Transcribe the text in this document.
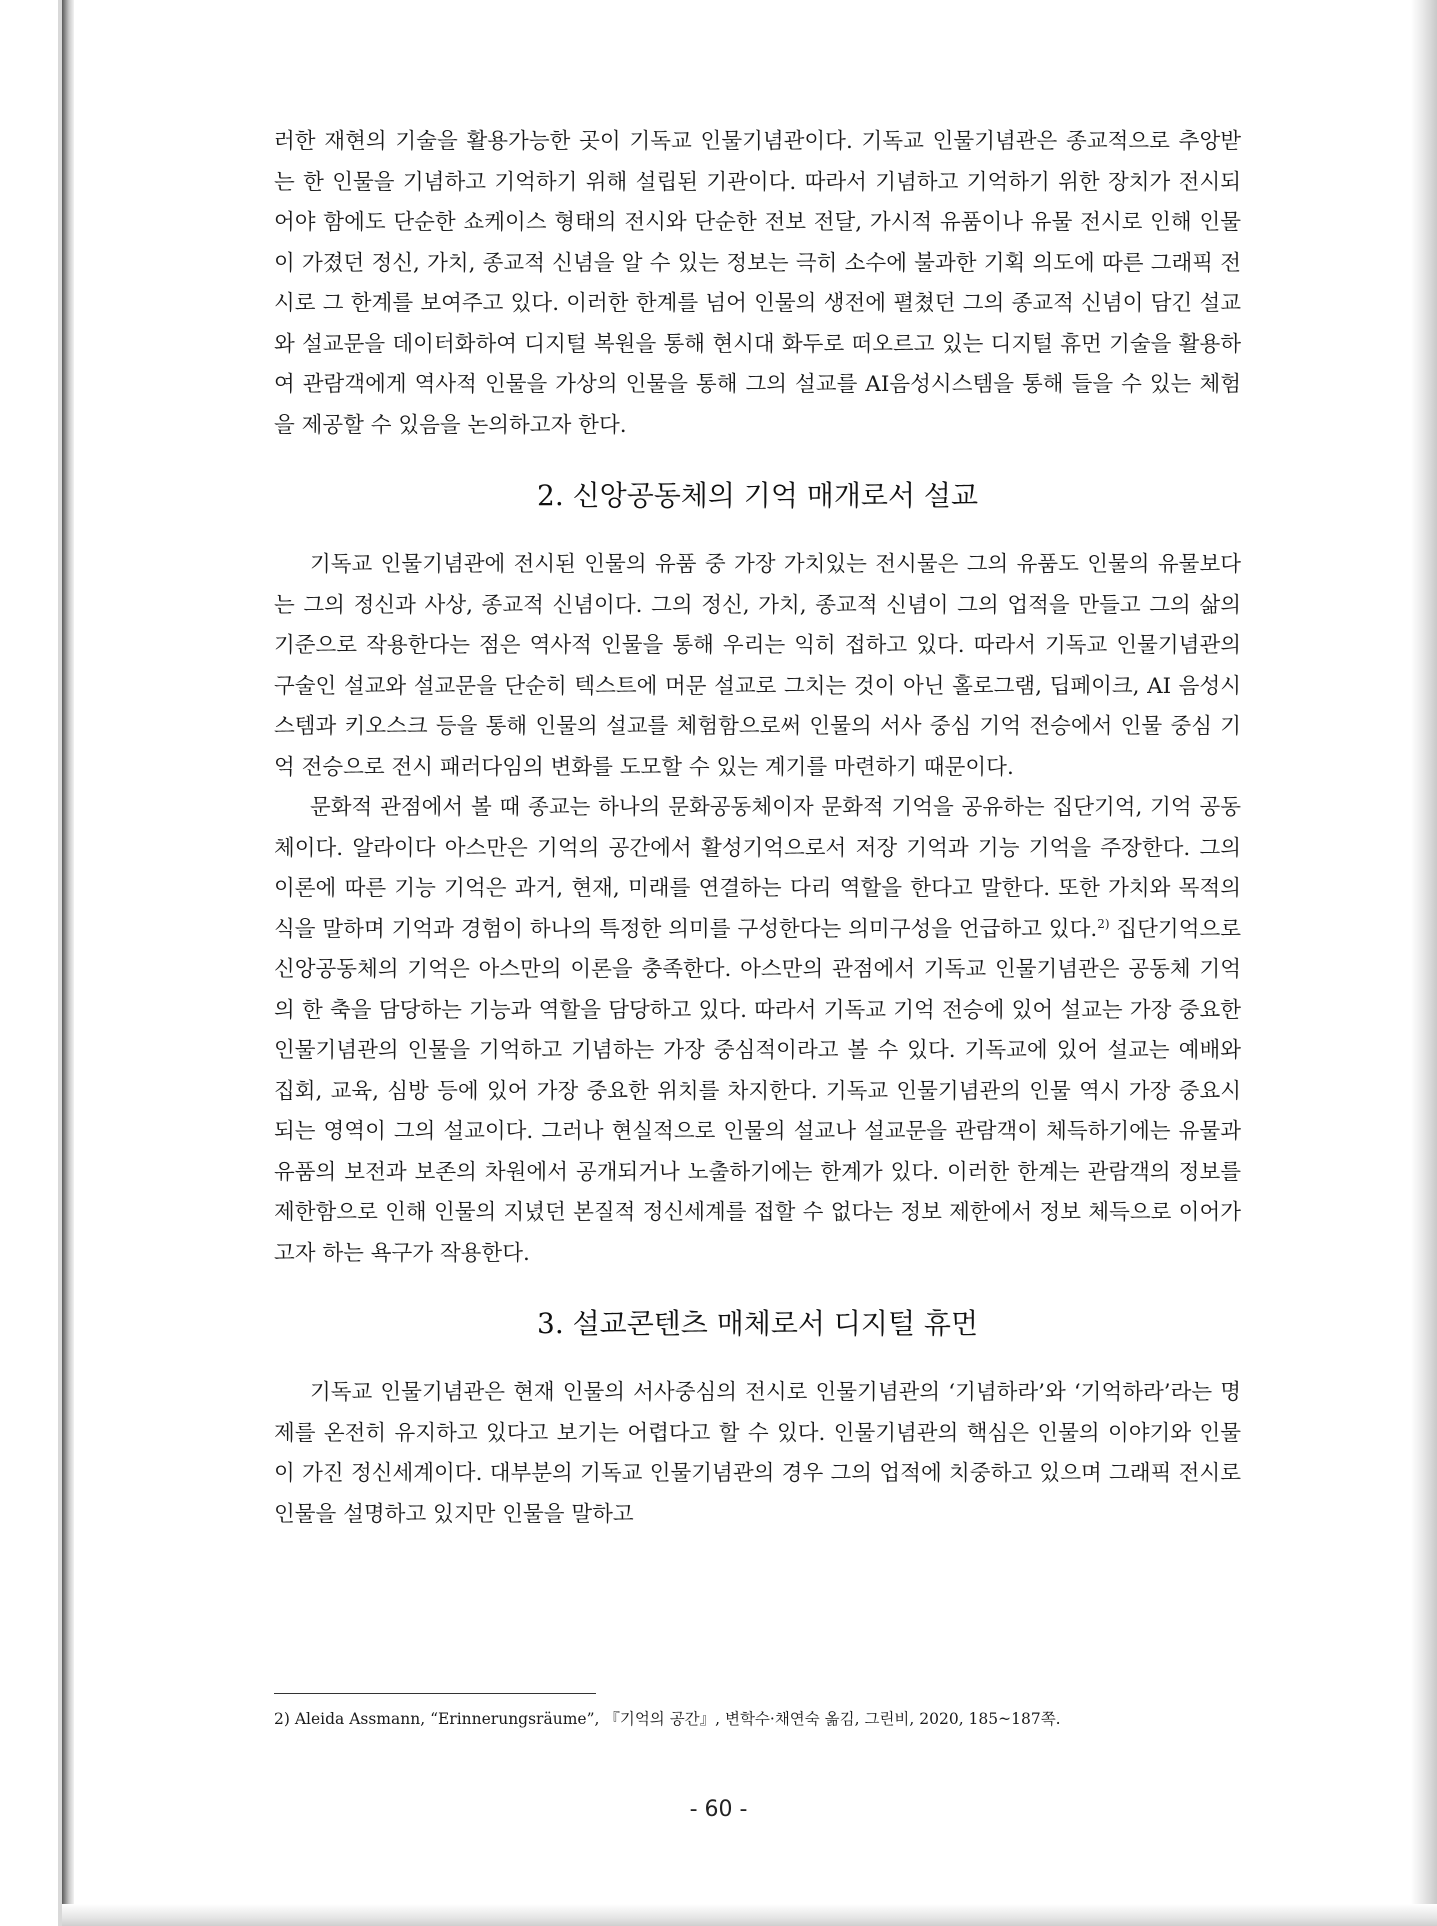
러한 재현의 기술을 활용가능한 곳이 기독교 인물기념관이다. 기독교 인물기념관은 종교적으로 추앙받는 한 인물을 기념하고 기억하기 위해 설립된 기관이다. 따라서 기념하고 기억하기 위한 장치가 전시되어야 함에도 단순한 쇼케이스 형태의 전시와 단순한 전보 전달, 가시적 유품이나 유물 전시로 인해 인물이 가졌던 정신, 가치, 종교적 신념을 알 수 있는 정보는 극히 소수에 불과한 기획 의도에 따른 그래픽 전시로 그 한계를 보여주고 있다. 이러한 한계를 넘어 인물의 생전에 펼쳤던 그의 종교적 신념이 담긴 설교와 설교문을 데이터화하여 디지털 복원을 통해 현시대 화두로 떠오르고 있는 디지털 휴먼 기술을 활용하여 관람객에게 역사적 인물을 가상의 인물을 통해 그의 설교를 AI음성시스템을 통해 들을 수 있는 체험을 제공할 수 있음을 논의하고자 한다.

2. 신앙공동체의 기억 매개로서 설교

기독교 인물기념관에 전시된 인물의 유품 중 가장 가치있는 전시물은 그의 유품도 인물의 유물보다는 그의 정신과 사상, 종교적 신념이다. 그의 정신, 가치, 종교적 신념이 그의 업적을 만들고 그의 삶의 기준으로 작용한다는 점은 역사적 인물을 통해 우리는 익히 접하고 있다. 따라서 기독교 인물기념관의 구술인 설교와 설교문을 단순히 텍스트에 머문 설교로 그치는 것이 아닌 홀로그램, 딥페이크, AI 음성시스템과 키오스크 등을 통해 인물의 설교를 체험함으로써 인물의 서사 중심 기억 전승에서 인물 중심 기억 전승으로 전시 패러다임의 변화를 도모할 수 있는 계기를 마련하기 때문이다.

문화적 관점에서 볼 때 종교는 하나의 문화공동체이자 문화적 기억을 공유하는 집단기억, 기억 공동체이다. 알라이다 아스만은 기억의 공간에서 활성기억으로서 저장 기억과 기능 기억을 주장한다. 그의 이론에 따른 기능 기억은 과거, 현재, 미래를 연결하는 다리 역할을 한다고 말한다. 또한 가치와 목적의식을 말하며 기억과 경험이 하나의 특정한 의미를 구성한다는 의미구성을 언급하고 있다.$^{2)}$ 집단기억으로 신앙공동체의 기억은 아스만의 이론을 충족한다. 아스만의 관점에서 기독교 인물기념관은 공동체 기억의 한 축을 담당하는 기능과 역할을 담당하고 있다. 따라서 기독교 기억 전승에 있어 설교는 가장 중요한 인물기념관의 인물을 기억하고 기념하는 가장 중심적이라고 볼 수 있다. 기독교에 있어 설교는 예배와 집회, 교육, 심방 등에 있어 가장 중요한 위치를 차지한다. 기독교 인물기념관의 인물 역시 가장 중요시되는 영역이 그의 설교이다. 그러나 현실적으로 인물의 설교나 설교문을 관람객이 체득하기에는 유물과 유품의 보전과 보존의 차원에서 공개되거나 노출하기에는 한계가 있다. 이러한 한계는 관람객의 정보를 제한함으로 인해 인물의 지녔던 본질적 정신세계를 접할 수 없다는 정보 제한에서 정보 체득으로 이어가고자 하는 욕구가 작용한다.

3. 설교콘텐츠 매체로서 디지털 휴먼

기독교 인물기념관은 현재 인물의 서사중심의 전시로 인물기념관의 ‘기념하라’와 ‘기억하라’라는 명제를 온전히 유지하고 있다고 보기는 어렵다고 할 수 있다. 인물기념관의 핵심은 인물의 이야기와 인물이 가진 정신세계이다. 대부분의 기독교 인물기념관의 경우 그의 업적에 치중하고 있으며 그래픽 전시로 인물을 설명하고 있지만 인물을 말하고

2) Aleida Assmann, “Erinnerungsräume”, 『기억의 공간』, 변학수·채연숙 옮김, 그린비, 2020, 185~187쪽.
- 60 -
